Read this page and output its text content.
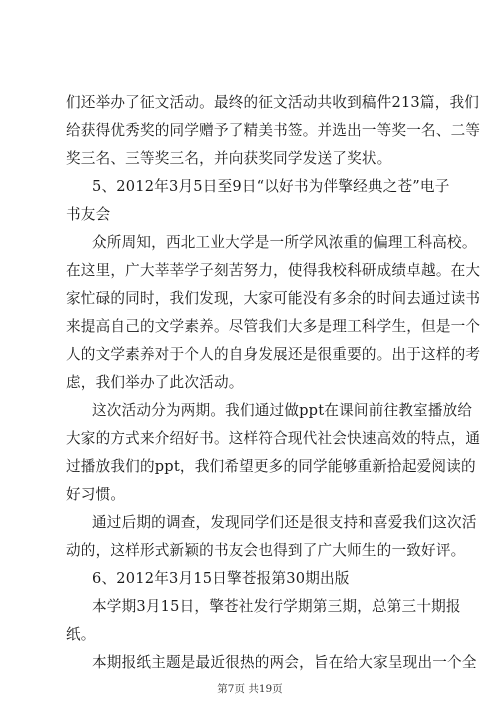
们还举办了征文活动。最终的征文活动共收到稿件213篇，我们
给获得优秀奖的同学赠予了精美书签。并选出一等奖一名、二等
奖三名、三等奖三名，并向获奖同学发送了奖状。
5、2012年3月5日至9日“以好书为伴擎经典之苍”电子
书友会
众所周知，西北工业大学是一所学风浓重的偏理工科高校。
在这里，广大莘莘学子刻苦努力，使得我校科研成绩卓越。在大
家忙碌的同时，我们发现，大家可能没有多余的时间去通过读书
来提高自己的文学素养。尽管我们大多是理工科学生，但是一个
人的文学素养对于个人的自身发展还是很重要的。出于这样的考
虑，我们举办了此次活动。
这次活动分为两期。我们通过做ppt在课间前往教室播放给
大家的方式来介绍好书。这样符合现代社会快速高效的特点，通
过播放我们的ppt，我们希望更多的同学能够重新拾起爱阅读的
好习惯。
通过后期的调查，发现同学们还是很支持和喜爱我们这次活
动的，这样形式新颖的书友会也得到了广大师生的一致好评。
6、2012年3月15日擎苍报第30期出版
本学期3月15日，擎苍社发行学期第三期，总第三十期报
纸。
本期报纸主题是最近很热的两会，旨在给大家呈现出一个全
第7页 共19页
